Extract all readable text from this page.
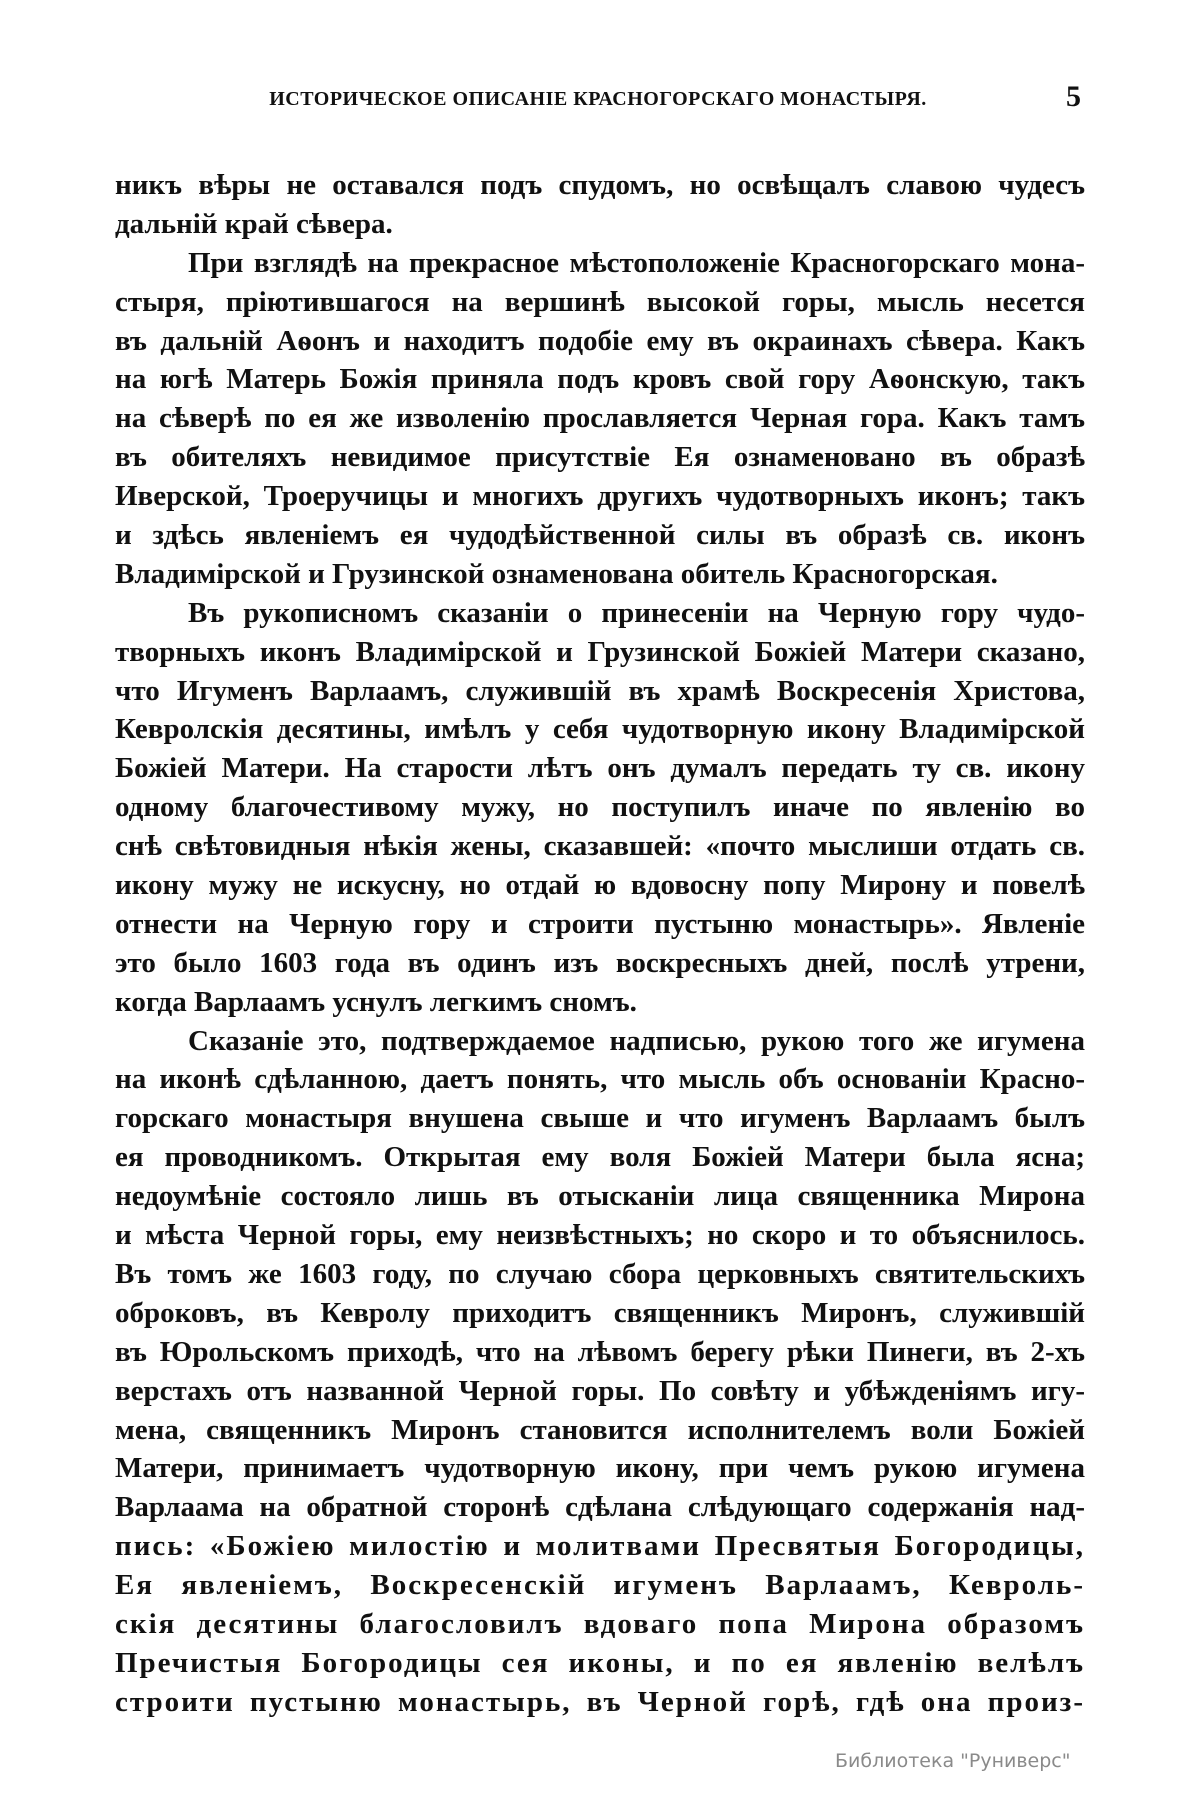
ИСТОРИЧЕСКОЕ ОПИСАНІЕ КРАСНОГОРСКАГО МОНАСТЫРЯ.	5
никъ вѣры не оставался подъ спудомъ, но освѣщалъ славою чудесъ
дальній край сѣвера.
При взглядѣ на прекрасное мѣстоположеніе Красногорскаго мона-
стыря, пріютившагося на вершинѣ высокой горы, мысль несется
въ дальній Аѳонъ и находитъ подобіе ему въ окраинахъ сѣвера. Какъ
на югѣ Матерь Божія приняла подъ кровъ свой гору Аѳонскую, такъ
на сѣверѣ по ея же изволенію прославляется Черная гора. Какъ тамъ
въ обителяхъ невидимое присутствіе Ея ознаменовано въ образѣ
Иверской, Троеручицы и многихъ другихъ чудотворныхъ иконъ; такъ
и здѣсь явленіемъ ея чудодѣйственной силы въ образѣ св. иконъ
Владимірской и Грузинской ознаменована обитель Красногорская.
Въ рукописномъ сказаніи о принесеніи на Черную гору чудо-
творныхъ иконъ Владимірской и Грузинской Божіей Матери сказано,
что Игуменъ Варлаамъ, служившій въ храмѣ Воскресенія Христова,
Кевролскія десятины, имѣлъ у себя чудотворную икону Владимірской
Божіей Матери. На старости лѣтъ онъ думалъ передать ту св. икону
одному благочестивому мужу, но поступилъ иначе по явленію во
снѣ свѣтовидныя нѣкія жены, сказавшей: «почто мыслиши отдать св.
икону мужу не искусну, но отдай ю вдовосну попу Мирону и повелѣ
отнести на Черную гору и строити пустыню монастырь». Явленіе
это было 1603 года въ одинъ изъ воскресныхъ дней, послѣ утрени,
когда Варлаамъ уснулъ легкимъ сномъ.
Сказаніе это, подтверждаемое надписью, рукою того же игумена
на иконѣ сдѣланною, даетъ понять, что мысль объ основаніи Красно-
горскаго монастыря внушена свыше и что игуменъ Варлаамъ былъ
ея проводникомъ. Открытая ему воля Божіей Матери была ясна;
недоумѣніе состояло лишь въ отысканіи лица священника Мирона
и мѣста Черной горы, ему неизвѣстныхъ; но скоро и то объяснилось.
Въ томъ же 1603 году, по случаю сбора церковныхъ святительскихъ
оброковъ, въ Кевролу приходитъ священникъ Миронъ, служившій
въ Юрольскомъ приходѣ, что на лѣвомъ берегу рѣки Пинеги, въ 2-хъ
верстахъ отъ названной Черной горы. По совѣту и убѣжденіямъ игу-
мена, священникъ Миронъ становится исполнителемъ воли Божіей
Матери, принимаетъ чудотворную икону, при чемъ рукою игумена
Варлаама на обратной сторонѣ сдѣлана слѣдующаго содержанія над-
пись: «Божіею милостію и молитвами Пресвятыя Богородицы,
Ея явленіемъ, Воскресенскій игуменъ Варлаамъ, Кевроль-
скія десятины благословилъ вдоваго попа Мирона образомъ
Пречистыя Богородицы сея иконы, и по ея явленію велѣлъ
строити пустыню монастырь, въ Черной горѣ, гдѣ она произ-
Библиотека "Руниверс"
